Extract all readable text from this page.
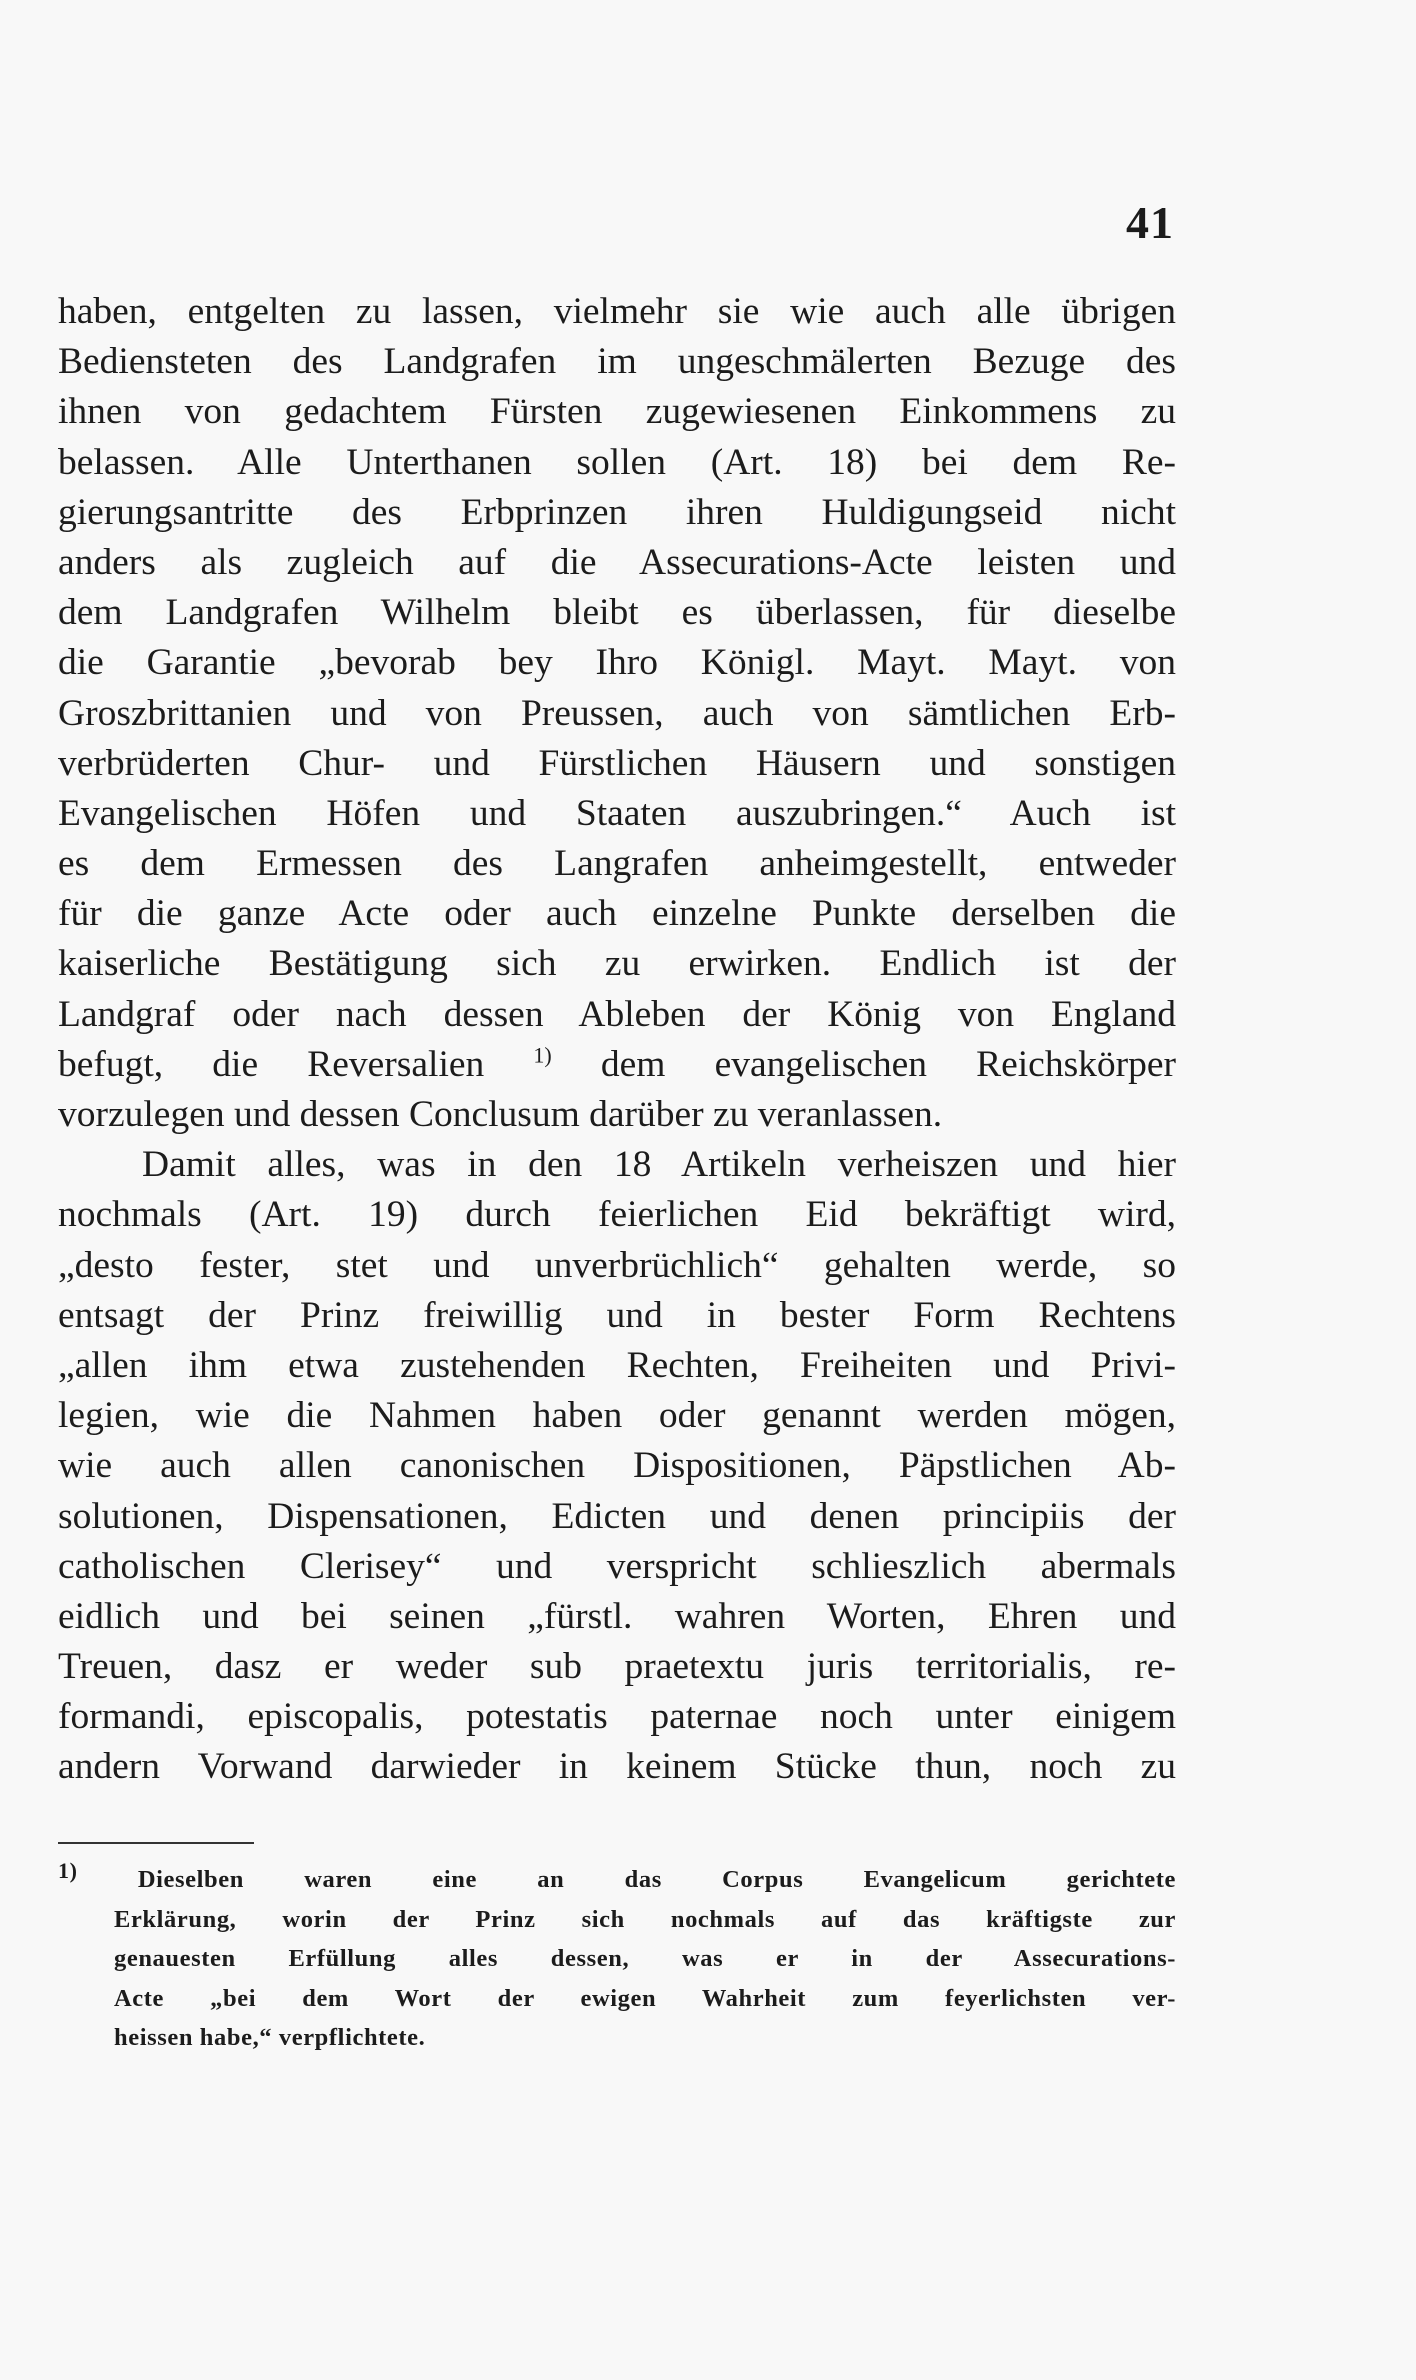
41
haben, entgelten zu lassen, vielmehr sie wie auch alle übrigen
Bediensteten des Landgrafen im ungeschmälerten Bezuge des
ihnen von gedachtem Fürsten zugewiesenen Einkommens zu
belassen. Alle Unterthanen sollen (Art. 18) bei dem Re-
gierungsantritte des Erbprinzen ihren Huldigungseid nicht
anders als zugleich auf die Assecurations-Acte leisten und
dem Landgrafen Wilhelm bleibt es überlassen, für dieselbe
die Garantie „bevorab bey Ihro Königl. Mayt. Mayt. von
Groszbrittanien und von Preussen, auch von sämtlichen Erb-
verbrüderten Chur- und Fürstlichen Häusern und sonstigen
Evangelischen Höfen und Staaten auszubringen.“ Auch ist
es dem Ermessen des Langrafen anheimgestellt, entweder
für die ganze Acte oder auch einzelne Punkte derselben die
kaiserliche Bestätigung sich zu erwirken. Endlich ist der
Landgraf oder nach dessen Ableben der König von England
befugt, die Reversalien $^{1)}$ dem evangelischen Reichskörper
vorzulegen und dessen Conclusum darüber zu veranlassen.
Damit alles, was in den 18 Artikeln verheiszen und hier
nochmals (Art. 19) durch feierlichen Eid bekräftigt wird,
„desto fester, stet und unverbrüchlich“ gehalten werde, so
entsagt der Prinz freiwillig und in bester Form Rechtens
„allen ihm etwa zustehenden Rechten, Freiheiten und Privi-
legien, wie die Nahmen haben oder genannt werden mögen,
wie auch allen canonischen Dispositionen, Päpstlichen Ab-
solutionen, Dispensationen, Edicten und denen principiis der
catholischen Clerisey“ und verspricht schlieszlich abermals
eidlich und bei seinen „fürstl. wahren Worten, Ehren und
Treuen, dasz er weder sub praetextu juris territorialis, re-
formandi, episcopalis, potestatis paternae noch unter einigem
andern Vorwand darwieder in keinem Stücke thun, noch zu
$^{1)}$ Dieselben waren eine an das Corpus Evangelicum gerichtete
Erklärung, worin der Prinz sich nochmals auf das kräftigste zur
genauesten Erfüllung alles dessen, was er in der Assecurations-
Acte „bei dem Wort der ewigen Wahrheit zum feyerlichsten ver-
heissen habe,“ verpflichtete.
